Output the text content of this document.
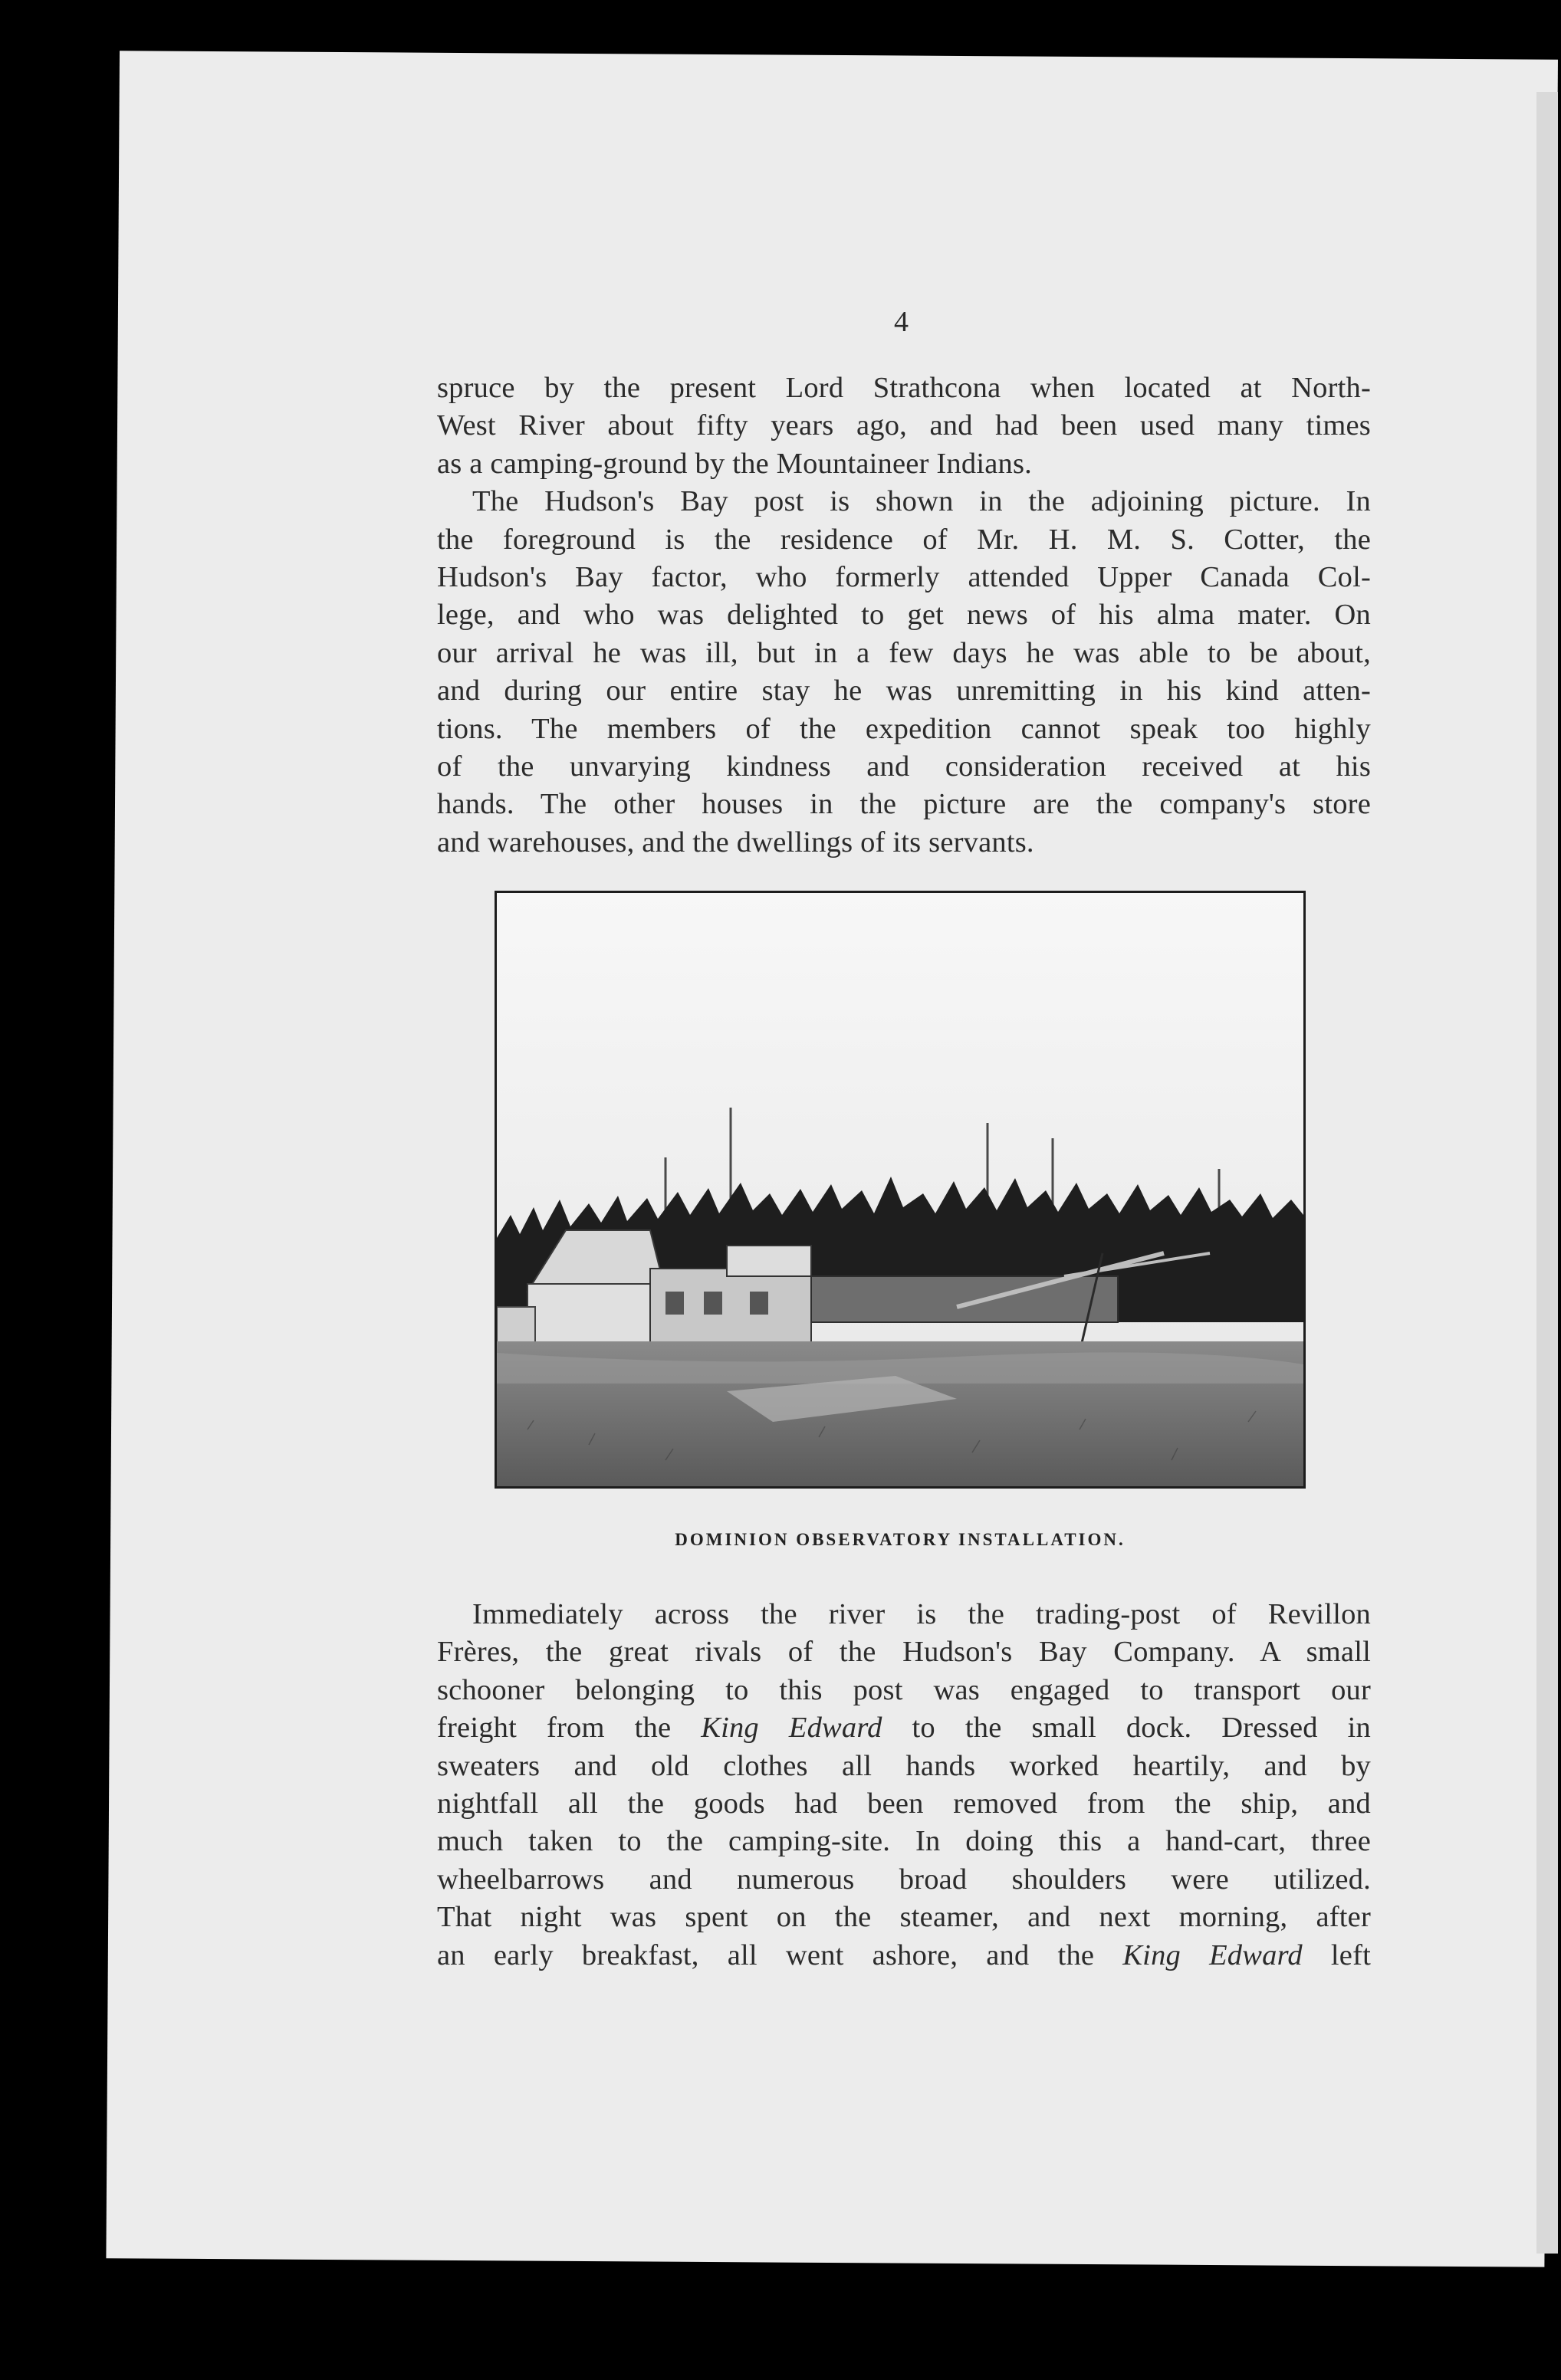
4

spruce by the present Lord Strathcona when located at North-
West River about fifty years ago, and had been used many times
as a camping-ground by the Mountaineer Indians.
The Hudson's Bay post is shown in the adjoining picture. In
the foreground is the residence of Mr. H. M. S. Cotter, the
Hudson's Bay factor, who formerly attended Upper Canada Col-
lege, and who was delighted to get news of his alma mater. On
our arrival he was ill, but in a few days he was able to be about,
and during our entire stay he was unremitting in his kind atten-
tions. The members of the expedition cannot speak too highly
of the unvarying kindness and consideration received at his
hands. The other houses in the picture are the company's store
and warehouses, and the dwellings of its servants.

DOMINION OBSERVATORY INSTALLATION.

Immediately across the river is the trading-post of Revillon
Frères, the great rivals of the Hudson's Bay Company. A small
schooner belonging to this post was engaged to transport our
freight from the King Edward to the small dock. Dressed in
sweaters and old clothes all hands worked heartily, and by
nightfall all the goods had been removed from the ship, and
much taken to the camping-site. In doing this a hand-cart, three
wheelbarrows and numerous broad shoulders were utilized.
That night was spent on the steamer, and next morning, after
an early breakfast, all went ashore, and the King Edward left
